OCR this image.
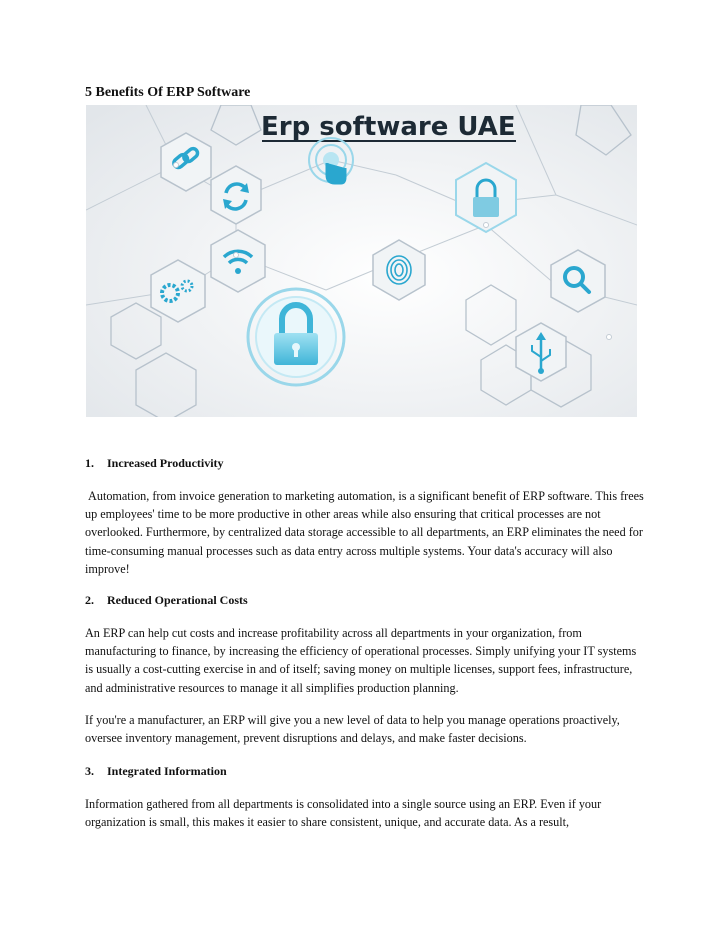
5 Benefits Of ERP Software
Erp software UAE
1. Increased Productivity

Automation, from invoice generation to marketing automation, is a significant benefit of ERP software. This frees up employees' time to be more productive in other areas while also ensuring that critical processes are not overlooked. Furthermore, by centralized data storage accessible to all departments, an ERP eliminates the need for time-consuming manual processes such as data entry across multiple systems. Your data's accuracy will also improve!

2. Reduced Operational Costs

An ERP can help cut costs and increase profitability across all departments in your organization, from manufacturing to finance, by increasing the efficiency of operational processes. Simply unifying your IT systems is usually a cost-cutting exercise in and of itself; saving money on multiple licenses, support fees, infrastructure, and administrative resources to manage it all simplifies production planning.

If you're a manufacturer, an ERP will give you a new level of data to help you manage operations proactively, oversee inventory management, prevent disruptions and delays, and make faster decisions.

3. Integrated Information

Information gathered from all departments is consolidated into a single source using an ERP. Even if your organization is small, this makes it easier to share consistent, unique, and accurate data. As a result,
